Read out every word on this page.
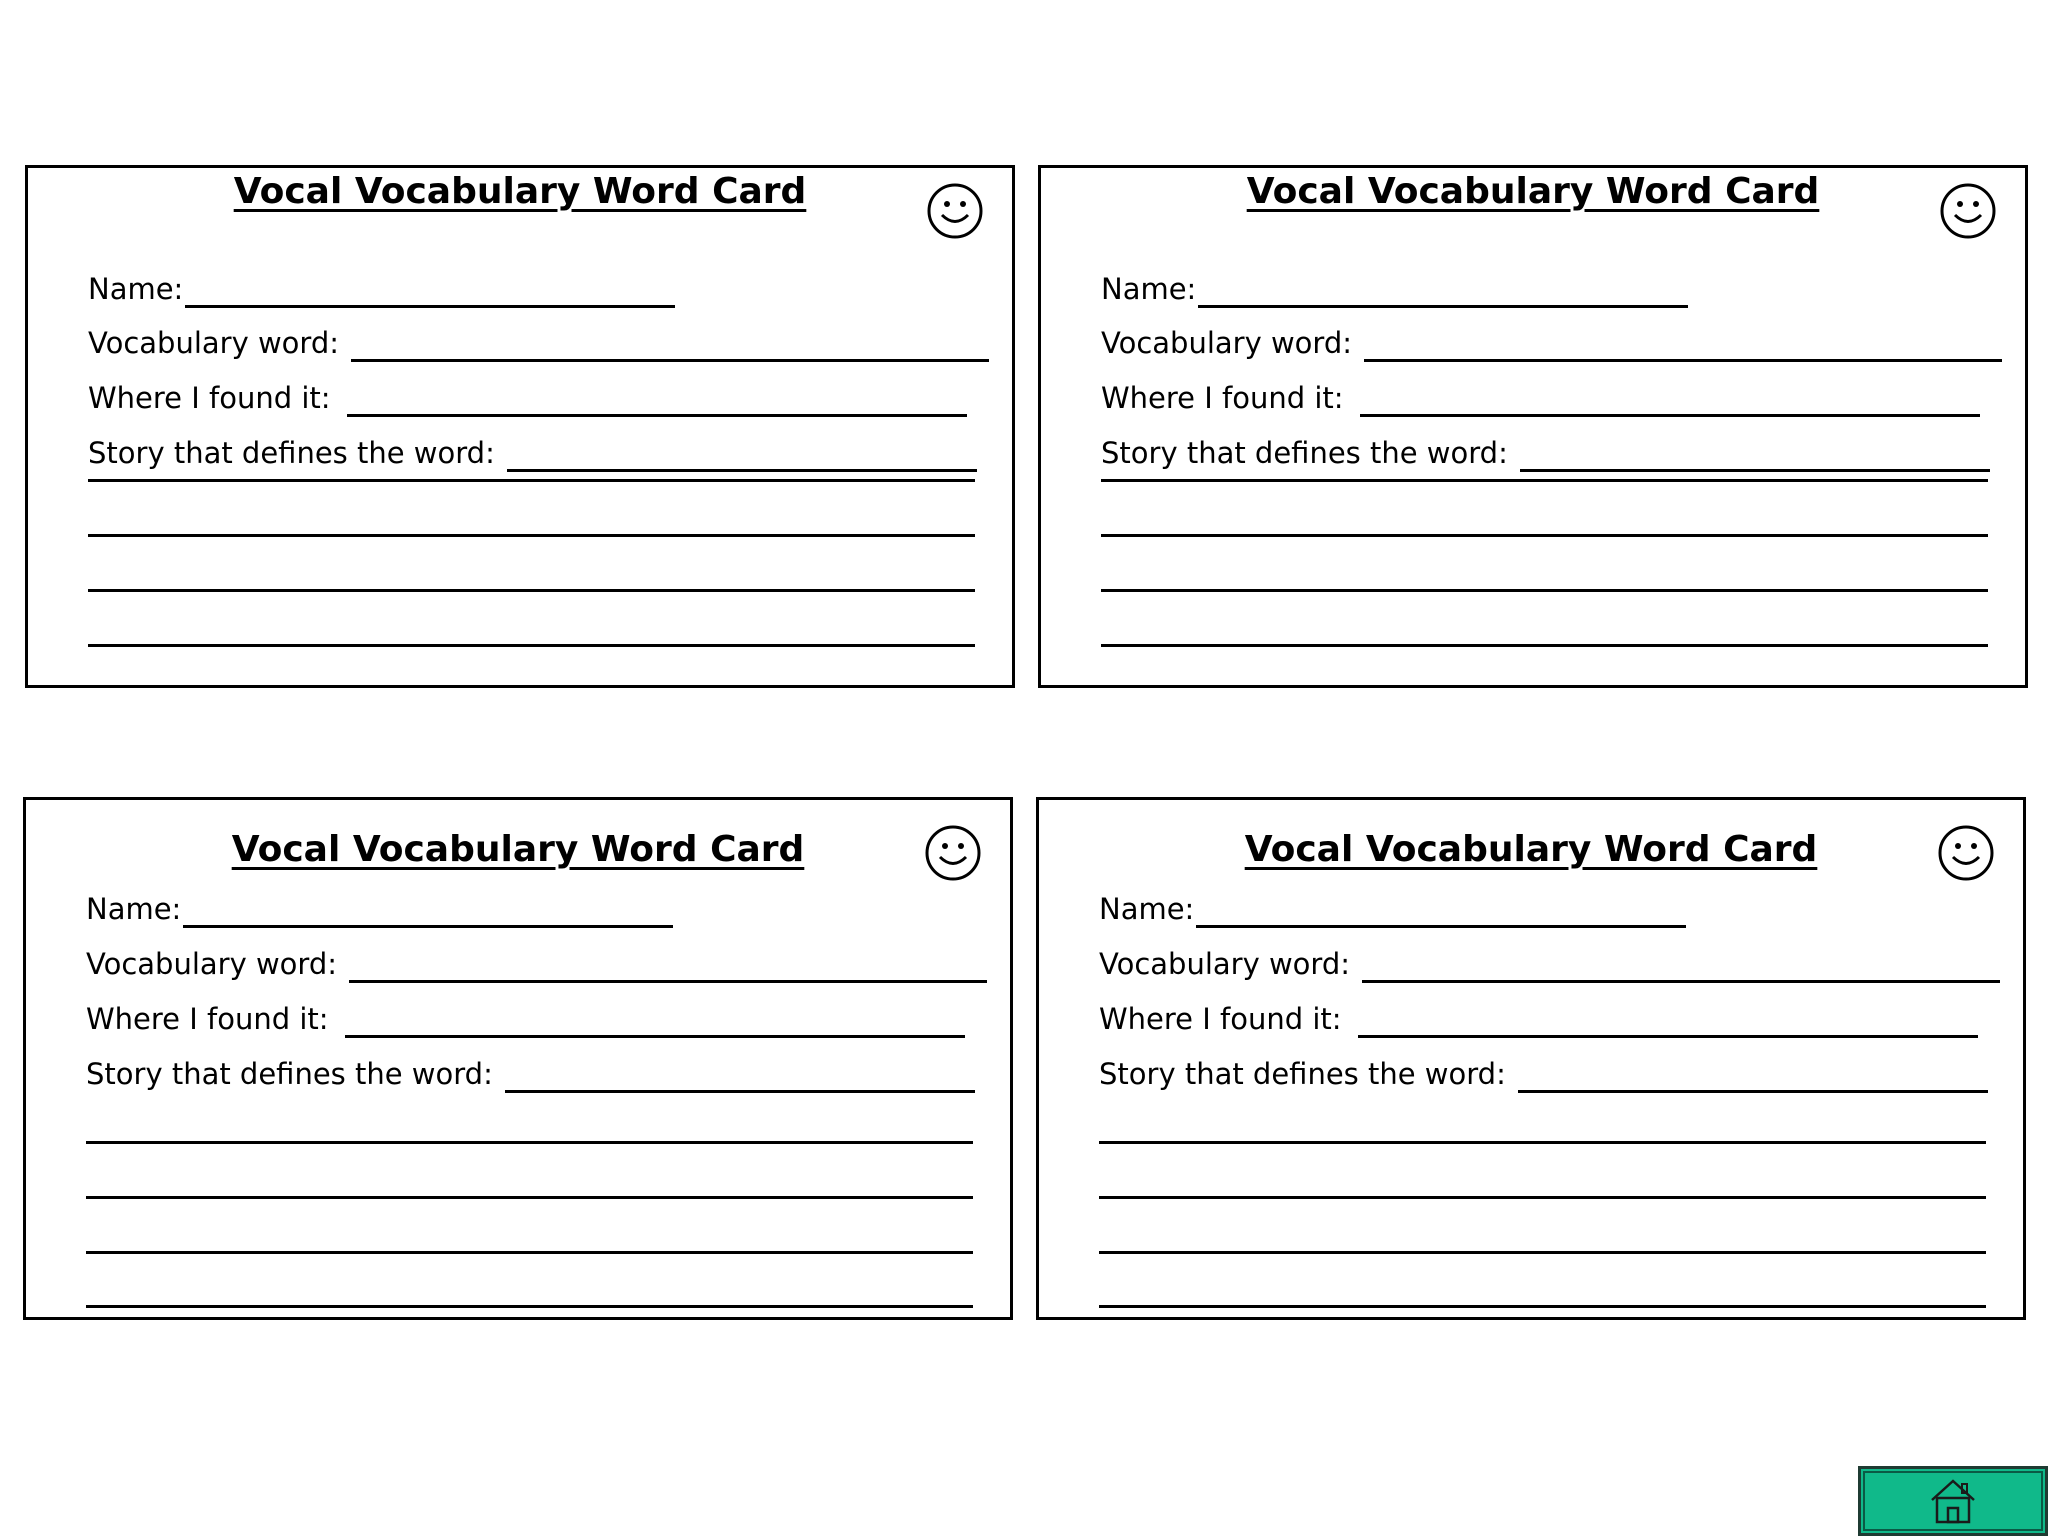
Vocal Vocabulary Word Card
Name:
Vocabulary word:
Where I found it:
Story that defines the word:
Vocal Vocabulary Word Card
Name:
Vocabulary word:
Where I found it:
Story that defines the word:
Vocal Vocabulary Word Card
Name:
Vocabulary word:
Where I found it:
Story that defines the word:
Vocal Vocabulary Word Card
Name:
Vocabulary word:
Where I found it:
Story that defines the word:
